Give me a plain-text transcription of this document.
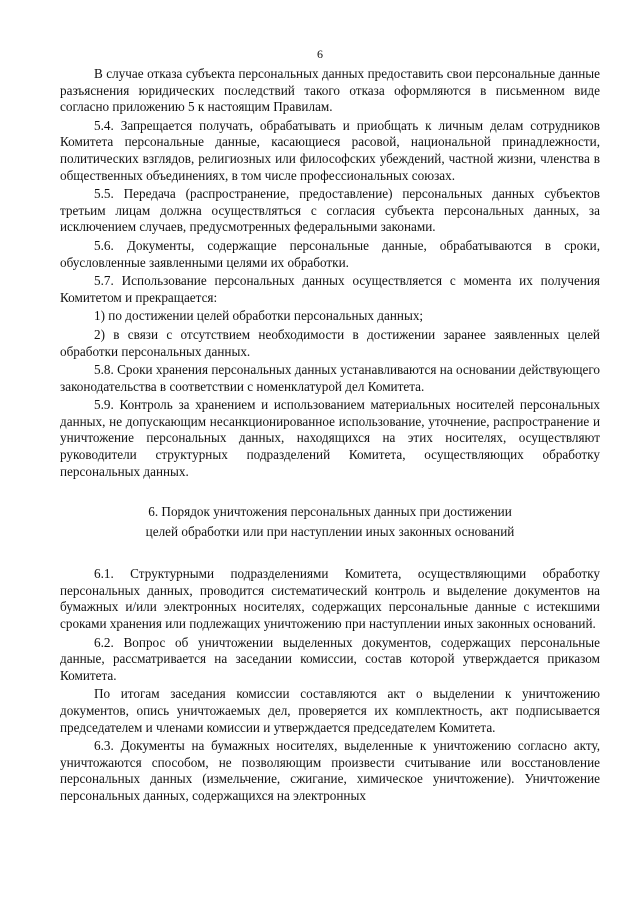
6

В случае отказа субъекта персональных данных предоставить свои персональные данные разъяснения юридических последствий такого отказа оформляются в письменном виде согласно приложению 5 к настоящим Правилам.

5.4. Запрещается получать, обрабатывать и приобщать к личным делам сотрудников Комитета персональные данные, касающиеся расовой, национальной принадлежности, политических взглядов, религиозных или философских убеждений, частной жизни, членства в общественных объединениях, в том числе профессиональных союзах.

5.5. Передача (распространение, предоставление) персональных данных субъектов третьим лицам должна осуществляться с согласия субъекта персональных данных, за исключением случаев, предусмотренных федеральными законами.

5.6. Документы, содержащие персональные данные, обрабатываются в сроки, обусловленные заявленными целями их обработки.

5.7. Использование персональных данных осуществляется с момента их получения Комитетом и прекращается:

1) по достижении целей обработки персональных данных;

2) в связи с отсутствием необходимости в достижении заранее заявленных целей обработки персональных данных.

5.8. Сроки хранения персональных данных устанавливаются на основании действующего законодательства в соответствии с номенклатурой дел Комитета.

5.9. Контроль за хранением и использованием материальных носителей персональных данных, не допускающим несанкционированное использование, уточнение, распространение и уничтожение персональных данных, находящихся на этих носителях, осуществляют руководители структурных подразделений Комитета, осуществляющих обработку персональных данных.

6. Порядок уничтожения персональных данных при достижении
целей обработки или при наступлении иных законных оснований

6.1. Структурными подразделениями Комитета, осуществляющими обработку персональных данных, проводится систематический контроль и выделение документов на бумажных и/или электронных носителях, содержащих персональные данные с истекшими сроками хранения или подлежащих уничтожению при наступлении иных законных оснований.

6.2. Вопрос об уничтожении выделенных документов, содержащих персональные данные, рассматривается на заседании комиссии, состав которой утверждается приказом Комитета.

По итогам заседания комиссии составляются акт о выделении к уничтожению документов, опись уничтожаемых дел, проверяется их комплектность, акт подписывается председателем и членами комиссии и утверждается председателем Комитета.

6.3. Документы на бумажных носителях, выделенные к уничтожению согласно акту, уничтожаются способом, не позволяющим произвести считывание или восстановление персональных данных (измельчение, сжигание, химическое уничтожение). Уничтожение персональных данных, содержащихся на электронных
